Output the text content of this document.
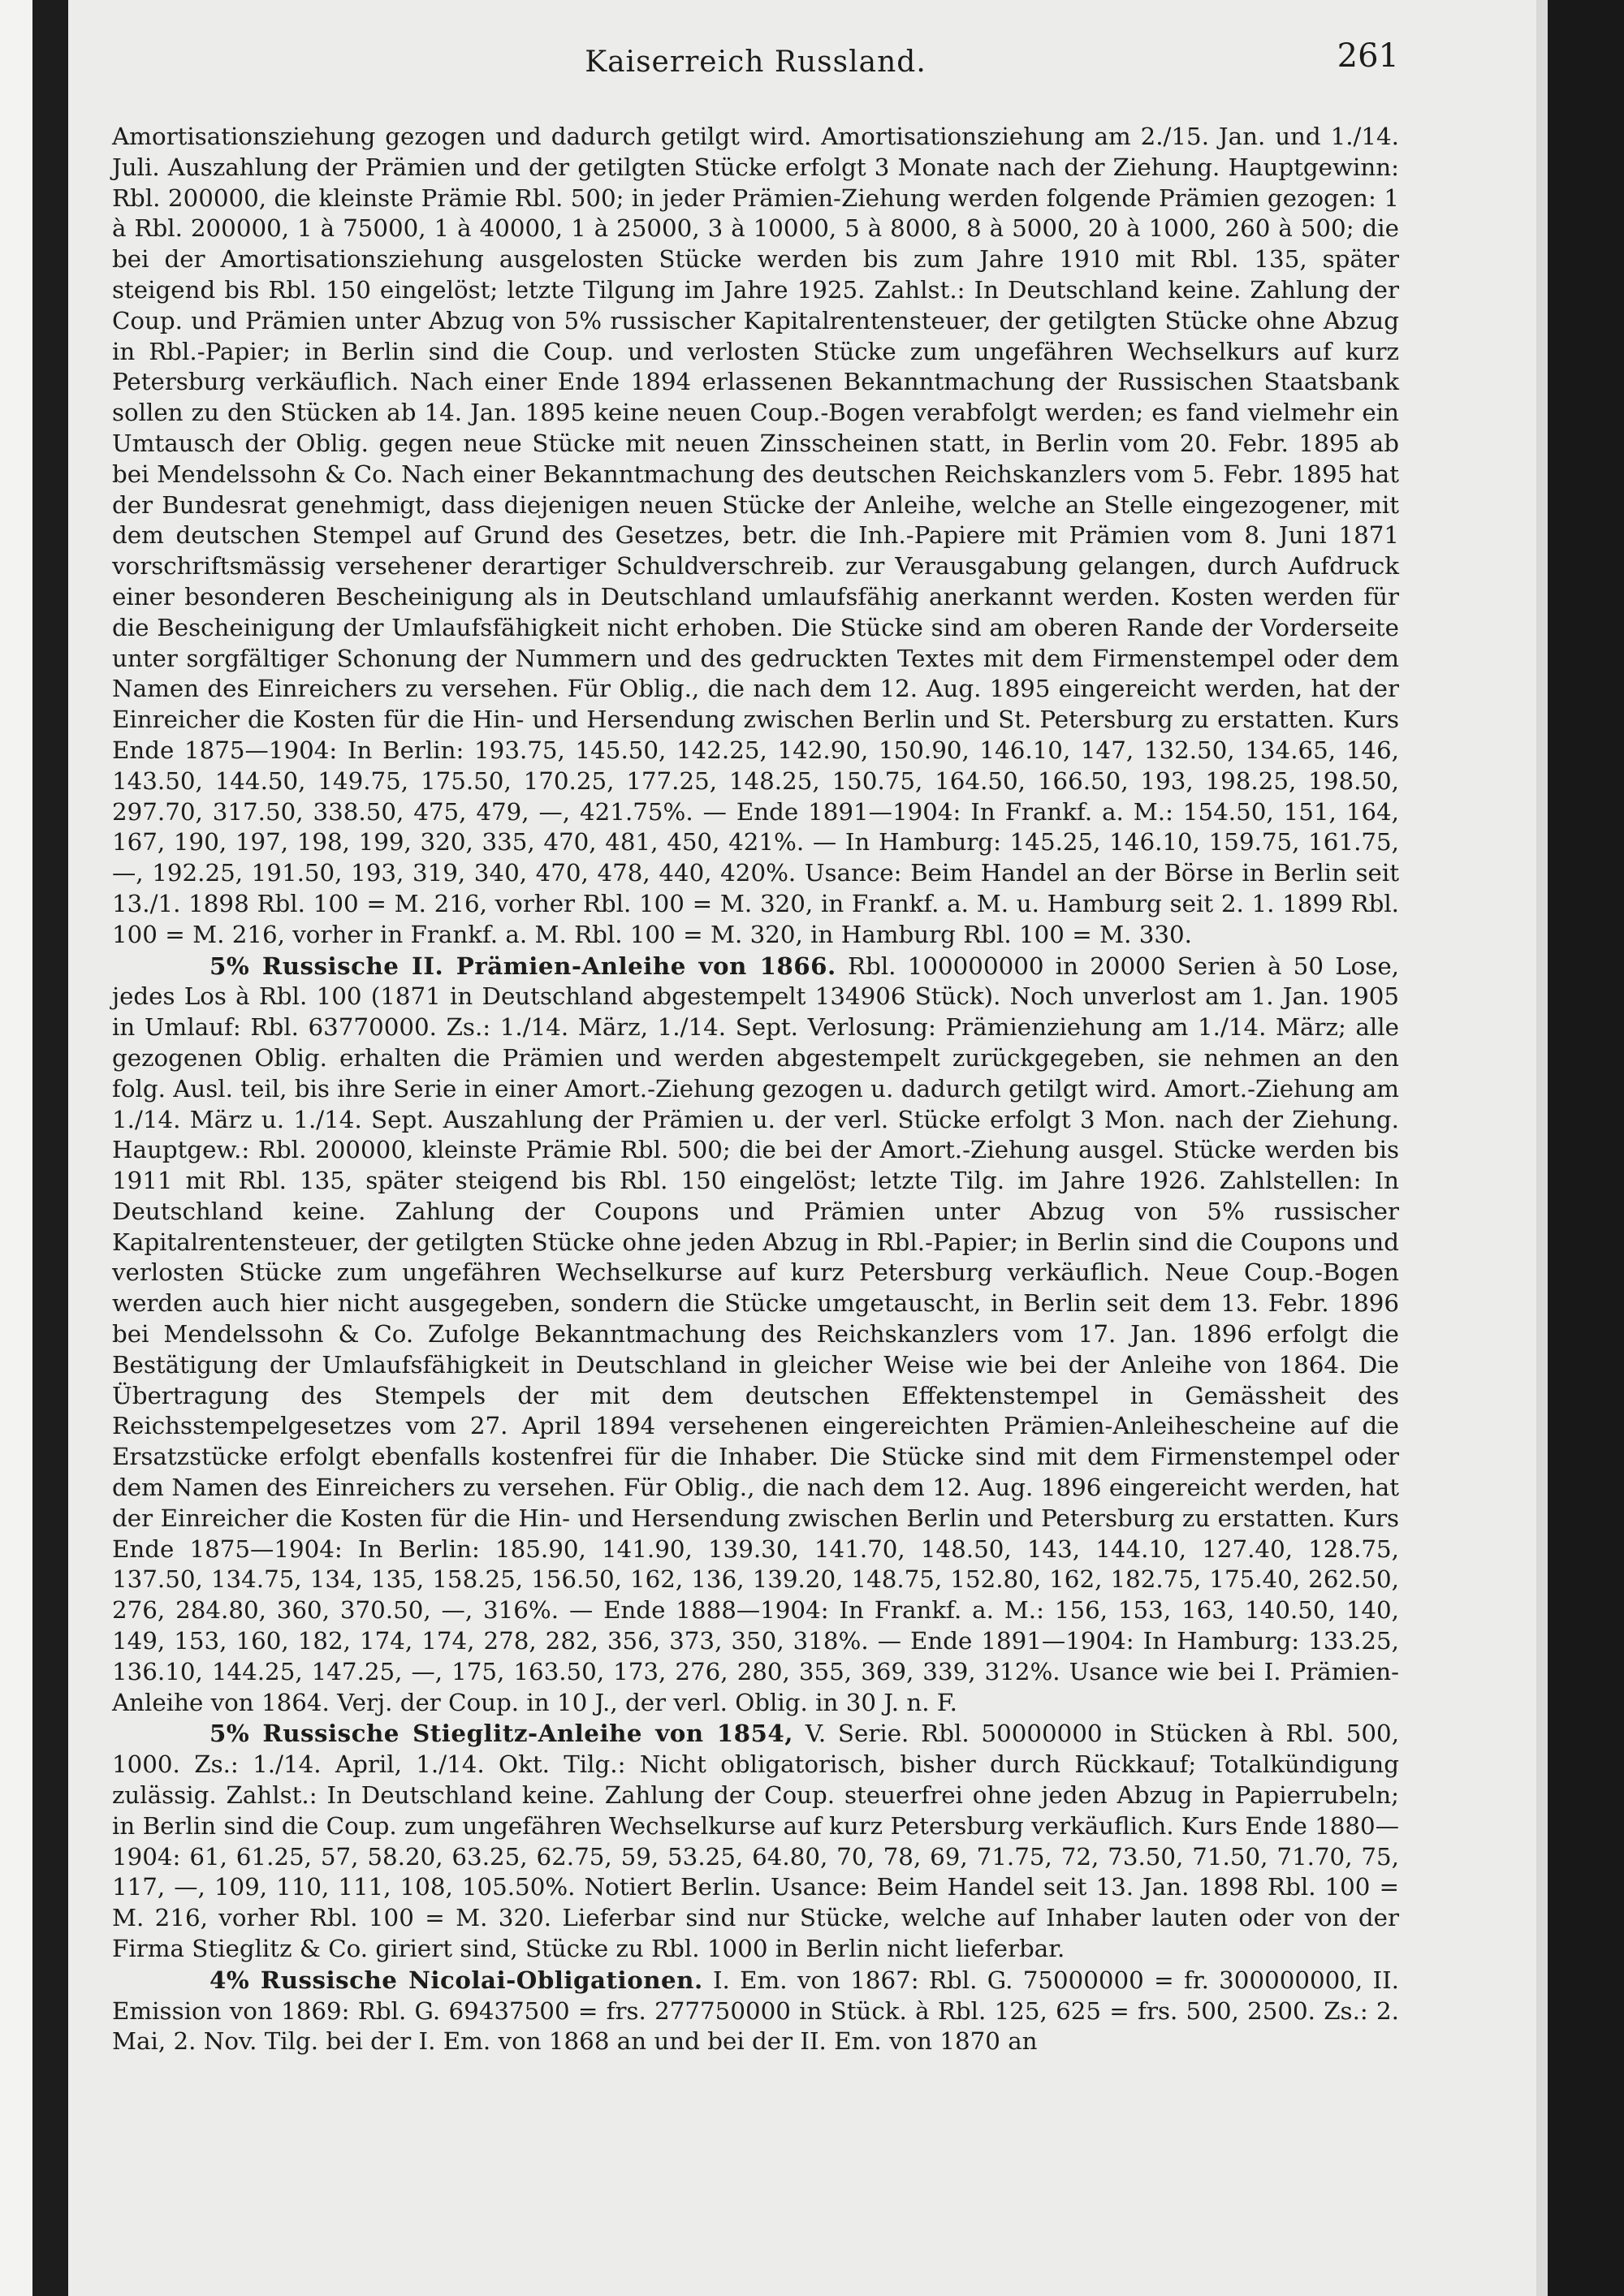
Kaiserreich Russland.	261

Amortisationsziehung gezogen und dadurch getilgt wird. Amortisationsziehung am 2./15. Jan. und 1./14. Juli. Auszahlung der Prämien und der getilgten Stücke erfolgt 3 Monate nach der Ziehung. Hauptgewinn: Rbl. 200000, die kleinste Prämie Rbl. 500; in jeder Prämien-Ziehung werden folgende Prämien gezogen: 1 à Rbl. 200000, 1 à 75000, 1 à 40000, 1 à 25000, 3 à 10000, 5 à 8000, 8 à 5000, 20 à 1000, 260 à 500; die bei der Amortisationsziehung ausgelosten Stücke werden bis zum Jahre 1910 mit Rbl. 135, später steigend bis Rbl. 150 eingelöst; letzte Tilgung im Jahre 1925. Zahlst.: In Deutschland keine. Zahlung der Coup. und Prämien unter Abzug von 5% russischer Kapitalrentensteuer, der getilgten Stücke ohne Abzug in Rbl.-Papier; in Berlin sind die Coup. und verlosten Stücke zum ungefähren Wechselkurs auf kurz Petersburg verkäuflich. Nach einer Ende 1894 erlassenen Bekanntmachung der Russischen Staatsbank sollen zu den Stücken ab 14. Jan. 1895 keine neuen Coup.-Bogen verabfolgt werden; es fand vielmehr ein Umtausch der Oblig. gegen neue Stücke mit neuen Zinsscheinen statt, in Berlin vom 20. Febr. 1895 ab bei Mendelssohn & Co. Nach einer Bekanntmachung des deutschen Reichskanzlers vom 5. Febr. 1895 hat der Bundesrat genehmigt, dass diejenigen neuen Stücke der Anleihe, welche an Stelle eingezogener, mit dem deutschen Stempel auf Grund des Gesetzes, betr. die Inh.-Papiere mit Prämien vom 8. Juni 1871 vorschriftsmässig versehener derartiger Schuldverschreib. zur Verausgabung gelangen, durch Aufdruck einer besonderen Bescheinigung als in Deutschland umlaufsfähig anerkannt werden. Kosten werden für die Bescheinigung der Umlaufsfähigkeit nicht erhoben. Die Stücke sind am oberen Rande der Vorderseite unter sorgfältiger Schonung der Nummern und des gedruckten Textes mit dem Firmenstempel oder dem Namen des Einreichers zu versehen. Für Oblig., die nach dem 12. Aug. 1895 eingereicht werden, hat der Einreicher die Kosten für die Hin- und Hersendung zwischen Berlin und St. Petersburg zu erstatten. Kurs Ende 1875—1904: In Berlin: 193.75, 145.50, 142.25, 142.90, 150.90, 146.10, 147, 132.50, 134.65, 146, 143.50, 144.50, 149.75, 175.50, 170.25, 177.25, 148.25, 150.75, 164.50, 166.50, 193, 198.25, 198.50, 297.70, 317.50, 338.50, 475, 479, —, 421.75%. — Ende 1891—1904: In Frankf. a. M.: 154.50, 151, 164, 167, 190, 197, 198, 199, 320, 335, 470, 481, 450, 421%. — In Hamburg: 145.25, 146.10, 159.75, 161.75, —, 192.25, 191.50, 193, 319, 340, 470, 478, 440, 420%. Usance: Beim Handel an der Börse in Berlin seit 13./1. 1898 Rbl. 100 = M. 216, vorher Rbl. 100 = M. 320, in Frankf. a. M. u. Hamburg seit 2. 1. 1899 Rbl. 100 = M. 216, vorher in Frankf. a. M. Rbl. 100 = M. 320, in Hamburg Rbl. 100 = M. 330.

5% Russische II. Prämien-Anleihe von 1866. Rbl. 100000000 in 20000 Serien à 50 Lose, jedes Los à Rbl. 100 (1871 in Deutschland abgestempelt 134906 Stück). Noch unverlost am 1. Jan. 1905 in Umlauf: Rbl. 63770000. Zs.: 1./14. März, 1./14. Sept. Verlosung: Prämienziehung am 1./14. März; alle gezogenen Oblig. erhalten die Prämien und werden abgestempelt zurückgegeben, sie nehmen an den folg. Ausl. teil, bis ihre Serie in einer Amort.-Ziehung gezogen u. dadurch getilgt wird. Amort.-Ziehung am 1./14. März u. 1./14. Sept. Auszahlung der Prämien u. der verl. Stücke erfolgt 3 Mon. nach der Ziehung. Hauptgew.: Rbl. 200000, kleinste Prämie Rbl. 500; die bei der Amort.-Ziehung ausgel. Stücke werden bis 1911 mit Rbl. 135, später steigend bis Rbl. 150 eingelöst; letzte Tilg. im Jahre 1926. Zahlstellen: In Deutschland keine. Zahlung der Coupons und Prämien unter Abzug von 5% russischer Kapitalrentensteuer, der getilgten Stücke ohne jeden Abzug in Rbl.-Papier; in Berlin sind die Coupons und verlosten Stücke zum ungefähren Wechselkurse auf kurz Petersburg verkäuflich. Neue Coup.-Bogen werden auch hier nicht ausgegeben, sondern die Stücke umgetauscht, in Berlin seit dem 13. Febr. 1896 bei Mendelssohn & Co. Zufolge Bekanntmachung des Reichskanzlers vom 17. Jan. 1896 erfolgt die Bestätigung der Umlaufsfähigkeit in Deutschland in gleicher Weise wie bei der Anleihe von 1864. Die Übertragung des Stempels der mit dem deutschen Effektenstempel in Gemässheit des Reichsstempelgesetzes vom 27. April 1894 versehenen eingereichten Prämien-Anleihescheine auf die Ersatzstücke erfolgt ebenfalls kostenfrei für die Inhaber. Die Stücke sind mit dem Firmenstempel oder dem Namen des Einreichers zu versehen. Für Oblig., die nach dem 12. Aug. 1896 eingereicht werden, hat der Einreicher die Kosten für die Hin- und Hersendung zwischen Berlin und Petersburg zu erstatten. Kurs Ende 1875—1904: In Berlin: 185.90, 141.90, 139.30, 141.70, 148.50, 143, 144.10, 127.40, 128.75, 137.50, 134.75, 134, 135, 158.25, 156.50, 162, 136, 139.20, 148.75, 152.80, 162, 182.75, 175.40, 262.50, 276, 284.80, 360, 370.50, —, 316%. — Ende 1888—1904: In Frankf. a. M.: 156, 153, 163, 140.50, 140, 149, 153, 160, 182, 174, 174, 278, 282, 356, 373, 350, 318%. — Ende 1891—1904: In Hamburg: 133.25, 136.10, 144.25, 147.25, —, 175, 163.50, 173, 276, 280, 355, 369, 339, 312%. Usance wie bei I. Prämien-Anleihe von 1864. Verj. der Coup. in 10 J., der verl. Oblig. in 30 J. n. F.

5% Russische Stieglitz-Anleihe von 1854, V. Serie. Rbl. 50000000 in Stücken à Rbl. 500, 1000. Zs.: 1./14. April, 1./14. Okt. Tilg.: Nicht obligatorisch, bisher durch Rückkauf; Totalkündigung zulässig. Zahlst.: In Deutschland keine. Zahlung der Coup. steuerfrei ohne jeden Abzug in Papierrubeln; in Berlin sind die Coup. zum ungefähren Wechselkurse auf kurz Petersburg verkäuflich. Kurs Ende 1880—1904: 61, 61.25, 57, 58.20, 63.25, 62.75, 59, 53.25, 64.80, 70, 78, 69, 71.75, 72, 73.50, 71.50, 71.70, 75, 117, —, 109, 110, 111, 108, 105.50%. Notiert Berlin. Usance: Beim Handel seit 13. Jan. 1898 Rbl. 100 = M. 216, vorher Rbl. 100 = M. 320. Lieferbar sind nur Stücke, welche auf Inhaber lauten oder von der Firma Stieglitz & Co. giriert sind, Stücke zu Rbl. 1000 in Berlin nicht lieferbar.

4% Russische Nicolai-Obligationen. I. Em. von 1867: Rbl. G. 75000000 = fr. 300000000, II. Emission von 1869: Rbl. G. 69437500 = frs. 277750000 in Stück. à Rbl. 125, 625 = frs. 500, 2500. Zs.: 2. Mai, 2. Nov. Tilg. bei der I. Em. von 1868 an und bei der II. Em. von 1870 an
